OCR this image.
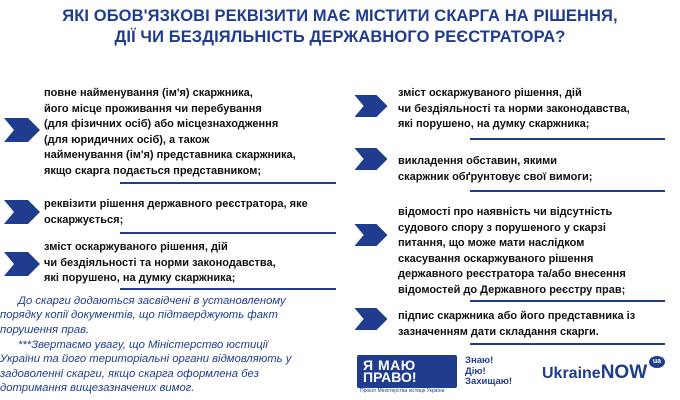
ЯКІ ОБОВ'ЯЗКОВІ РЕКВІЗИТИ МАЄ МІСТИТИ СКАРГА НА РІШЕННЯ,
ДІЇ ЧИ БЕЗДІЯЛЬНІСТЬ ДЕРЖАВНОГО РЕЄСТРАТОРА?
повне найменування (ім'я) скаржника,
його місце проживання чи перебування
(для фізичних осіб) або місцезнаходження
(для юридичних осіб), а також
найменування (ім'я) представника скаржника,
якщо скарга подається представником;
реквізити рішення державного реєстратора, яке
оскаржується;
зміст оскаржуваного рішення, дій
чи бездіяльності та норми законодавства,
які порушено, на думку скаржника;
зміст оскаржуваного рішення, дій
чи бездіяльності та норми законодавства,
які порушено, на думку скаржника;
викладення обставин, якими
скаржник обґрунтовує свої вимоги;
відомості про наявність чи відсутність
судового спору з порушеного у скарзі
питання, що може мати наслідком
скасування оскаржуваного рішення
державного реєстратора та/або внесення
відомостей до Державного реєстру прав;
підпис скаржника або його представника із
зазначенням дати складання скарги.
До скарги додаються засвідчені в установленому
порядку копії документів, що підтверджують факт
порушення прав.
***Звертаємо увагу, що Міністерство юстиції
України та його територіальні органи відмовляють у
задоволенні скарги, якщо скарга оформлена без
дотримання вищезазначених вимог.
Я МАЮ
ПРАВО!
Проєкт Міністерства юстиції України
Знаю!
Дію!
Захищаю! UkraineNOW
ua
